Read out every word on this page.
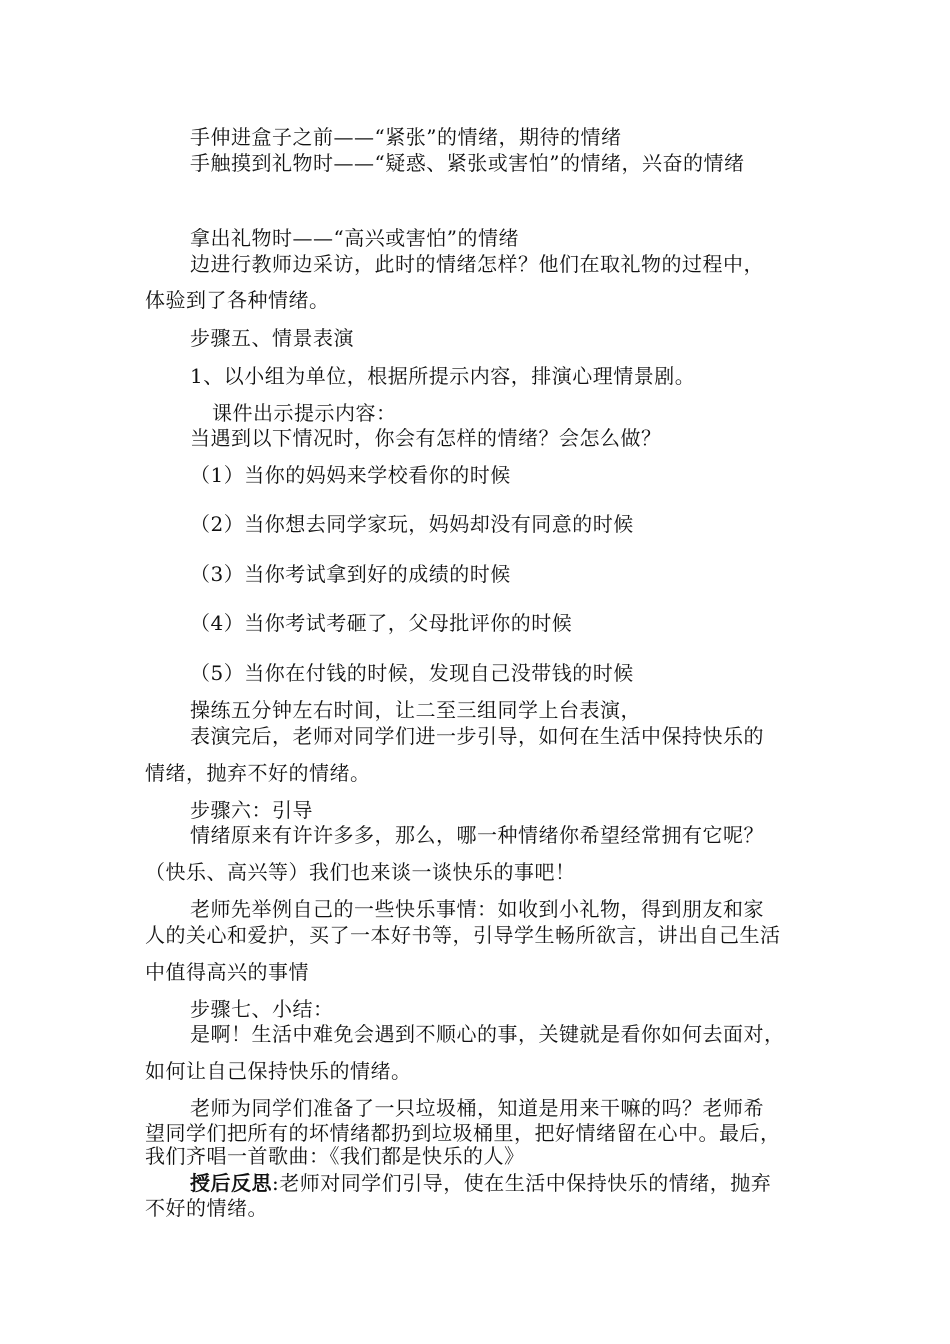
手伸进盒子之前——“紧张”的情绪，期待的情绪

手触摸到礼物时——“疑惑、紧张或害怕”的情绪，兴奋的情绪

拿出礼物时——“高兴或害怕”的情绪

边进行教师边采访，此时的情绪怎样？他们在取礼物的过程中，

体验到了各种情绪。

步骤五、情景表演

1、以小组为单位，根据所提示内容，排演心理情景剧。

课件出示提示内容：

当遇到以下情况时，你会有怎样的情绪？会怎么做？

（1）当你的妈妈来学校看你的时候

（2）当你想去同学家玩，妈妈却没有同意的时候

（3）当你考试拿到好的成绩的时候

（4）当你考试考砸了，父母批评你的时候

（5）当你在付钱的时候，发现自己没带钱的时候

操练五分钟左右时间，让二至三组同学上台表演，

表演完后，老师对同学们进一步引导，如何在生活中保持快乐的

情绪，抛弃不好的情绪。

步骤六：引导

情绪原来有许许多多，那么，哪一种情绪你希望经常拥有它呢？

（快乐、高兴等）我们也来谈一谈快乐的事吧！

老师先举例自己的一些快乐事情：如收到小礼物，得到朋友和家

人的关心和爱护，买了一本好书等，引导学生畅所欲言，讲出自己生活

中值得高兴的事情

步骤七、小结：

是啊！生活中难免会遇到不顺心的事，关键就是看你如何去面对，

如何让自己保持快乐的情绪。

老师为同学们准备了一只垃圾桶，知道是用来干嘛的吗？老师希

望同学们把所有的坏情绪都扔到垃圾桶里，把好情绪留在心中。最后，

我们齐唱一首歌曲：《我们都是快乐的人》

授后反思:老师对同学们引导，使在生活中保持快乐的情绪，抛弃

不好的情绪。
